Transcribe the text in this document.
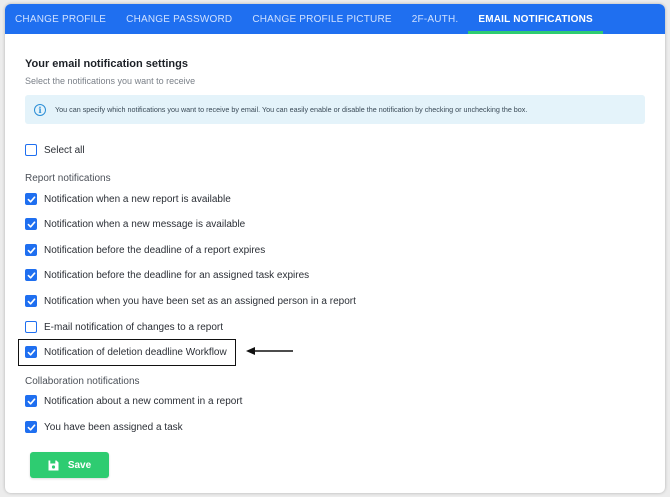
CHANGE PROFILE	CHANGE PASSWORD	CHANGE PROFILE PICTURE	2F-AUTH.	EMAIL NOTIFICATIONS
Your email notification settings
Select the notifications you want to receive
i	You can specify which notifications you want to receive by email. You can easily enable or disable the notification by checking or unchecking the box.
Select all
Report notifications
Notification when a new report is available
Notification when a new message is available
Notification before the deadline of a report expires
Notification before the deadline for an assigned task expires
Notification when you have been set as an assigned person in a report
E-mail notification of changes to a report
Notification of deletion deadline Workflow
Collaboration notifications
Notification about a new comment in a report
You have been assigned a task
Save
